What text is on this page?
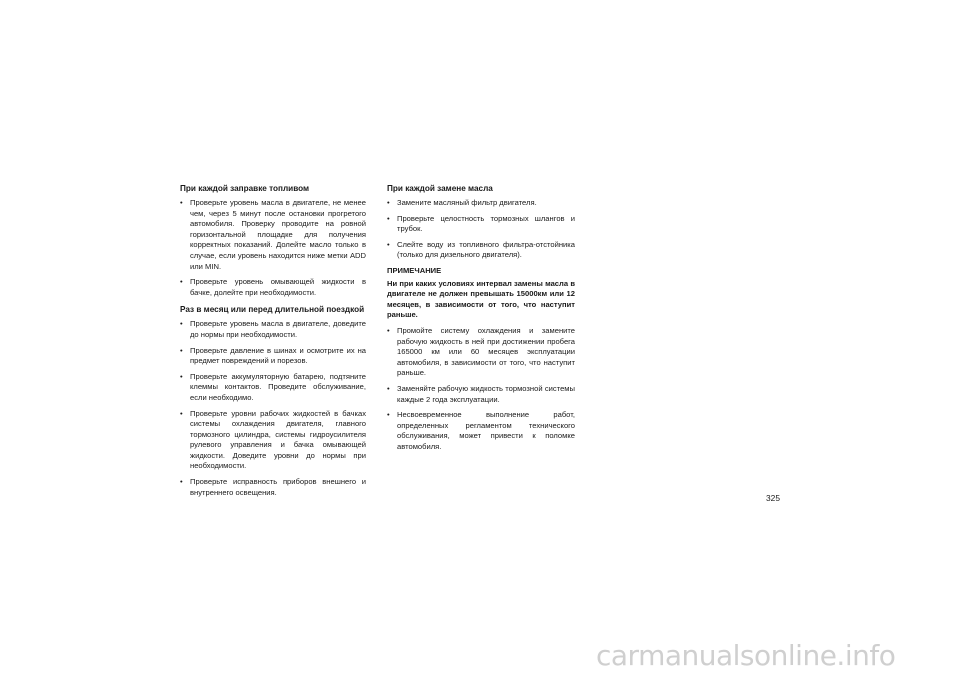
При каждой заправке топливом
• Проверьте уровень масла в двигателе, не менее чем, через 5 минут после остановки прогретого автомобиля. Проверку проводите на ровной горизонтальной площадке для получения корректных показаний. Долейте масло только в случае, если уровень находится ниже метки ADD или MIN.
• Проверьте уровень омывающей жидкости в бачке, долейте при необходимости.
Раз в месяц или перед длительной поездкой
• Проверьте уровень масла в двигателе, доведите до нормы при необходимости.
• Проверьте давление в шинах и осмотрите их на предмет повреждений и порезов.
• Проверьте аккумуляторную батарею, подтяните клеммы контактов. Проведите обслуживание, если необходимо.
• Проверьте уровни рабочих жидкостей в бачках системы охлаждения двигателя, главного тормозного цилиндра, системы гидроусилителя рулевого управления и бачка омывающей жидкости. Доведите уровни до нормы при необходимости.
• Проверьте исправность приборов внешнего и внутреннего освещения.
При каждой замене масла
• Замените масляный фильтр двигателя.
• Проверьте целостность тормозных шлангов и трубок.
• Слейте воду из топливного фильтра-отстойника (только для дизельного двигателя).
ПРИМЕЧАНИЕ

Ни при каких условиях интервал замены масла в двигателе не должен превышать 15000км или 12 месяцев, в зависимости от того, что наступит раньше.

• Промойте систему охлаждения и замените рабочую жидкость в ней при достижении пробега 165000 км или 60 месяцев эксплуатации автомобиля, в зависимости от того, что наступит раньше.
• Заменяйте рабочую жидкость тормозной системы каждые 2 года эксплуатации.
• Несвоевременное выполнение работ, определенных регламентом технического обслуживания, может привести к поломке автомобиля.
325
carmanualsonline.info
